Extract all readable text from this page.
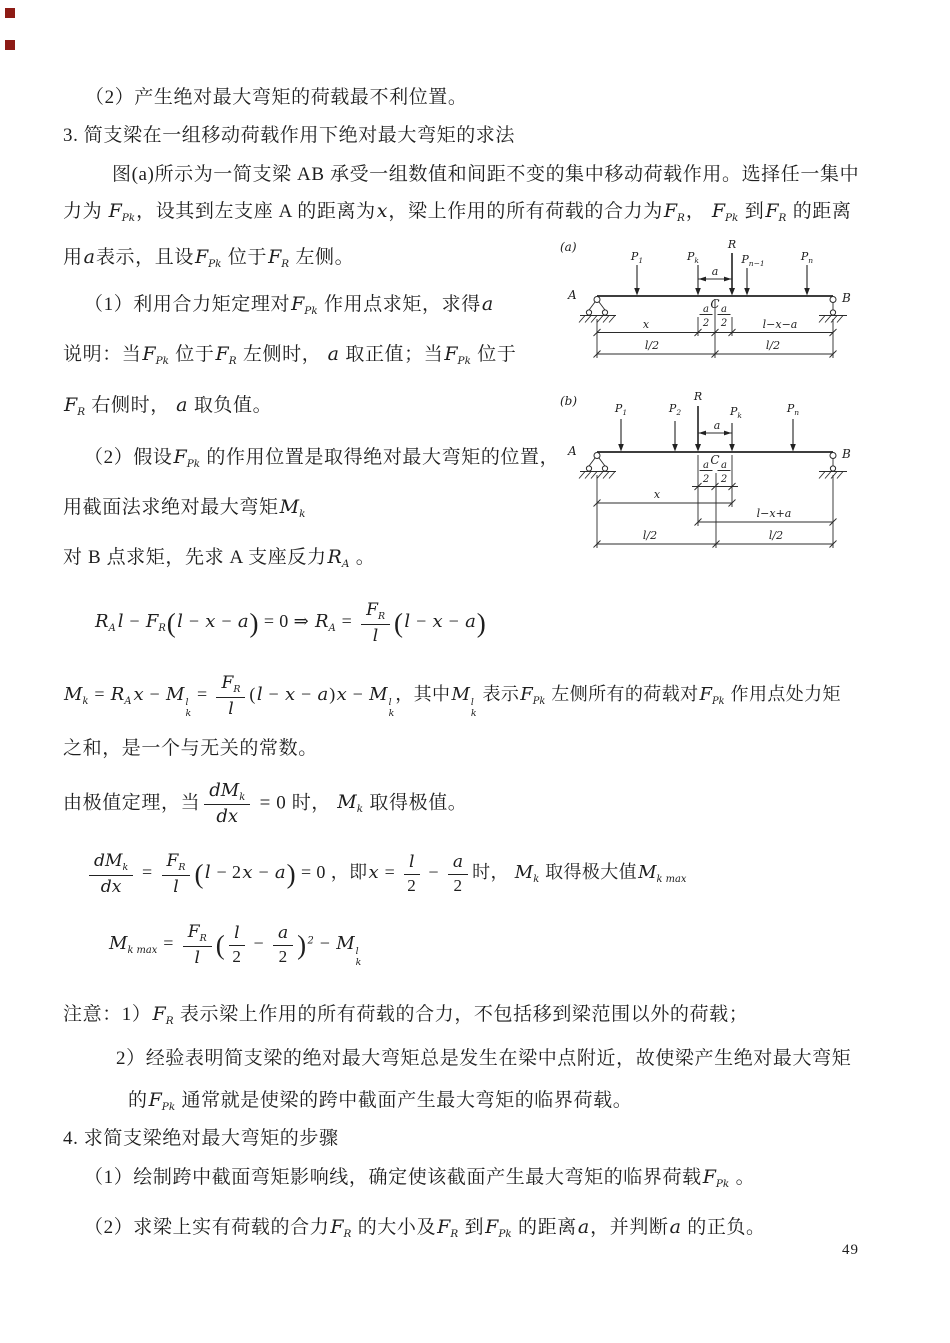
（2）产生绝对最大弯矩的荷载最不利位置。
3. 简支梁在一组移动荷载作用下绝对最大弯矩的求法
图(a)所示为一简支梁 AB 承受一组数值和间距不变的集中移动荷载作用。选择任一集中
力为 $F_{Pk}$，设其到左支座 A 的距离为x，梁上作用的所有荷载的合力为$F_R$， $F_{Pk}$ 到$F_R$ 的距离
用a表示，且设$F_{Pk}$ 位于$F_R$ 左侧。
（1）利用合力矩定理对$F_{Pk}$ 作用点求矩，求得a
说明：当$F_{Pk}$ 位于$F_R$ 左侧时， a 取正值；当$F_{Pk}$ 位于
$F_R$ 右侧时， a 取负值。
（2）假设$F_{Pk}$ 的作用位置是取得绝对最大弯矩的位置，
用截面法求绝对最大弯矩$M_k$
对 B 点求矩，先求 A 支座反力$R_A$ 。
$R_A$ $l - F_R(l - x - a) = 0$ ⇒ $R_A = \frac{F_R}{l} (l - x - a)$
$M_k = R_A$ x − M l
k
= $\frac{F_R}{l} (l - x - a)x - M$ l
k
，其中M l
k
表示$F_{Pk}$ 左侧所有的荷载对$F_{Pk}$ 作用点处力矩
之和，是一个与无关的常数。
由极值定理，当 $\frac{dM_k}{dx} = 0$ 时， $M_k$ 取得极值。
$\frac{dM_k}{dx} = \frac{F_R}{l} (l - 2x - a) = 0$ ，即$x = \frac{l}{2} - \frac{a}{2}$ 时， $M_k$ 取得极大值$M_{k max}$
$M_{k max} = \frac{F_R}{l}$ ( $\frac{l}{2} - \frac{a}{2} )^2 - M$ l
k
注意：$1)F_R$ 表示梁上作用的所有荷载的合力，不包括移到梁范围以外的荷载；
2）经验表明简支梁的绝对最大弯矩总是发生在梁中点附近，故使梁产生绝对最大弯矩
的$F_{Pk}$ 通常就是使梁的跨中截面产生最大弯矩的临界荷载。
4. 求简支梁绝对最大弯矩的步骤
（1）绘制跨中截面弯矩影响线，确定使该截面产生最大弯矩的临界荷载$F_{Pk}$ 。
（2）求梁上实有荷载的合力$F_R$ 的大小及$F_R$ 到$F_{Pk}$ 的距离a，并判断a 的正负。
49
(a)
$P_1$	$P_k$
R
$P_{n-1}$
$P_n$
a
A	B
a C a
2 2
x	l−x−a
l/2	l/2
(b)
$P_1$	$P_2$
R
$P_k$
$P_n$
a
A	B
a C a
2 2
x
l−x+a
l/2	l/2
